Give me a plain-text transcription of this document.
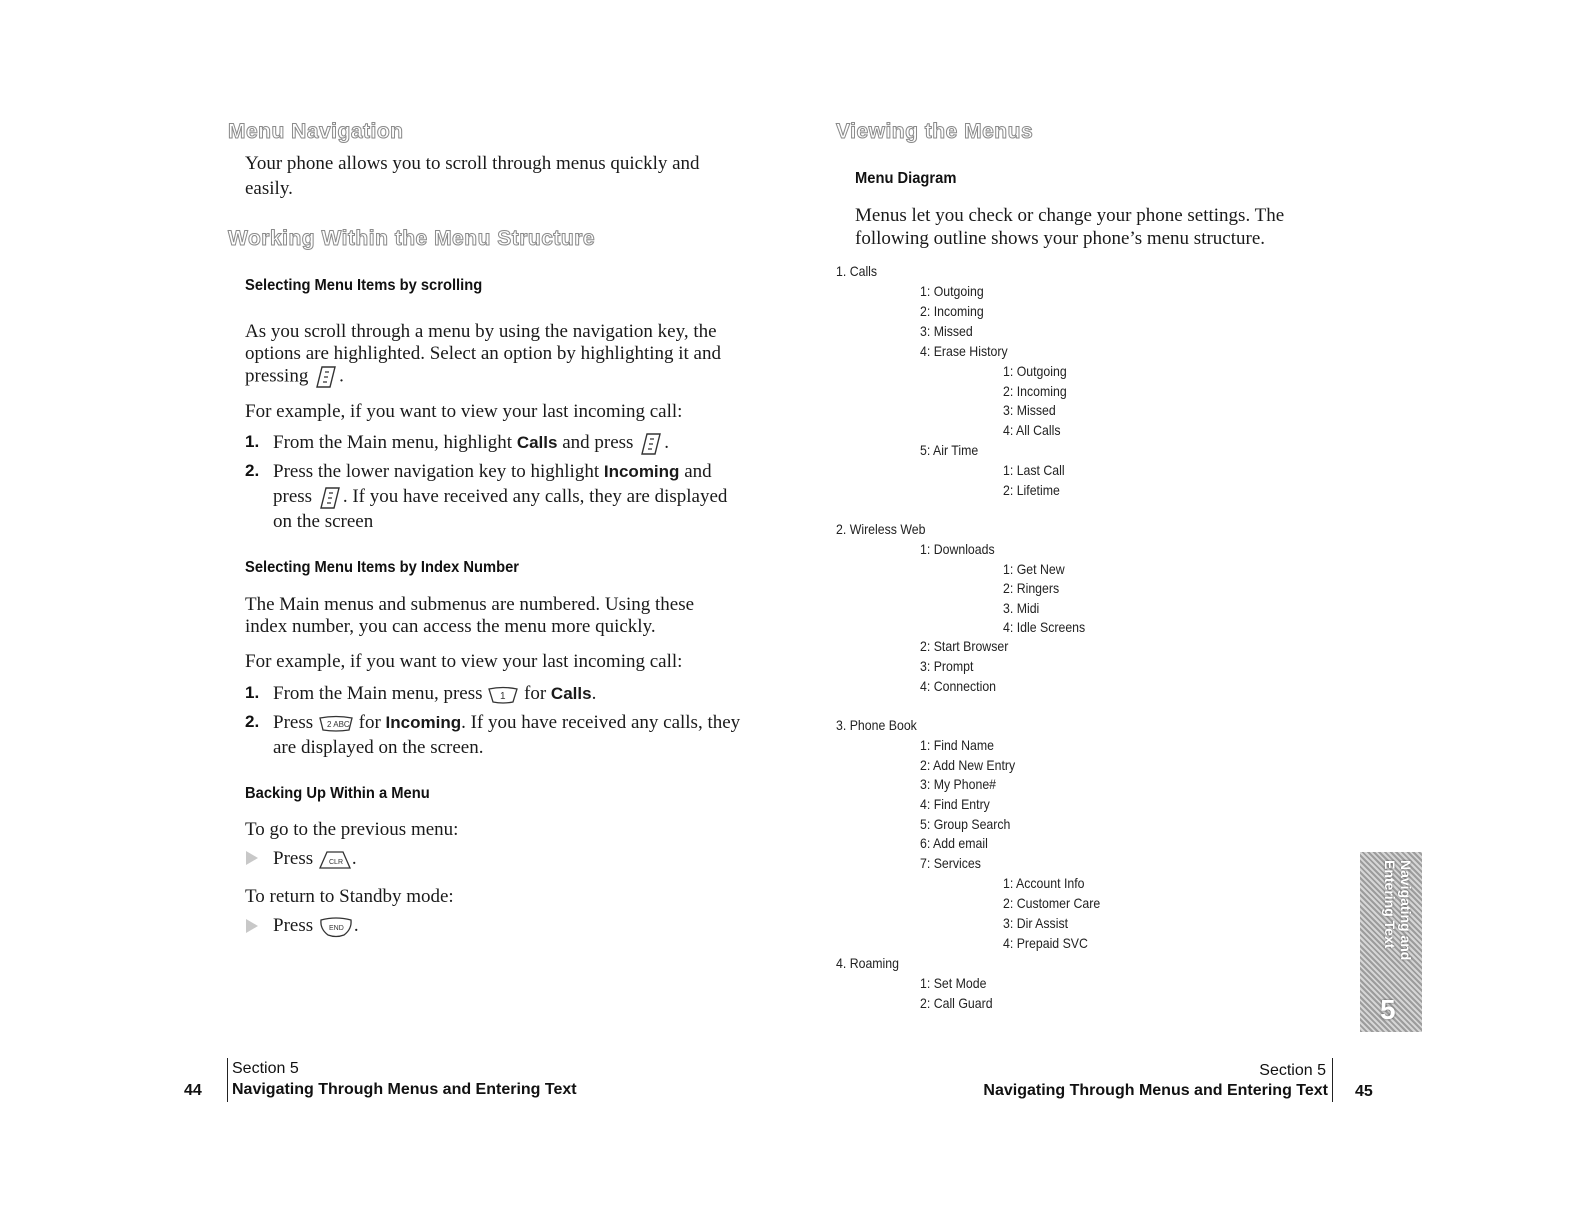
Menu Navigation
Your phone allows you to scroll through menus quickly and
easily.
Working Within the Menu Structure
Selecting Menu Items by scrolling
As you scroll through a menu by using the navigation key, the
options are highlighted. Select an option by highlighting it and
pressing .
For example, if you want to view your last incoming call:
1. From the Main menu, highlight Calls and press .
2. Press the lower navigation key to highlight Incoming and
press . If you have received any calls, they are displayed
on the screen
Selecting Menu Items by Index Number
The Main menus and submenus are numbered. Using these
index number, you can access the menu more quickly.
For example, if you want to view your last incoming call:
1. From the Main menu, press 1 for Calls.
2. Press 2 ABC for Incoming. If you have received any calls, they
are displayed on the screen.
Backing Up Within a Menu
To go to the previous menu:
Press CLR .
To return to Standby mode:
Press END .
Viewing the Menus
Menu Diagram
Menus let you check or change your phone settings. The
following outline shows your phone’s menu structure.
1. Calls
1: Outgoing
2: Incoming
3: Missed
4: Erase History
1: Outgoing
2: Incoming
3: Missed
4: All Calls
5: Air Time
1: Last Call
2: Lifetime
2. Wireless Web
1: Downloads
1: Get New
2: Ringers
3. Midi
4: Idle Screens
2: Start Browser
3: Prompt
4: Connection
3. Phone Book
1: Find Name
2: Add New Entry
3: My Phone#
4: Find Entry
5: Group Search
6: Add email
7: Services
1: Account Info
2: Customer Care
3: Dir Assist
4: Prepaid SVC
4. Roaming
1: Set Mode
2: Call Guard
Navigating and Entering Text
5
44
Section 5
Navigating Through Menus and Entering Text
Section 5
Navigating Through Menus and Entering Text 45
